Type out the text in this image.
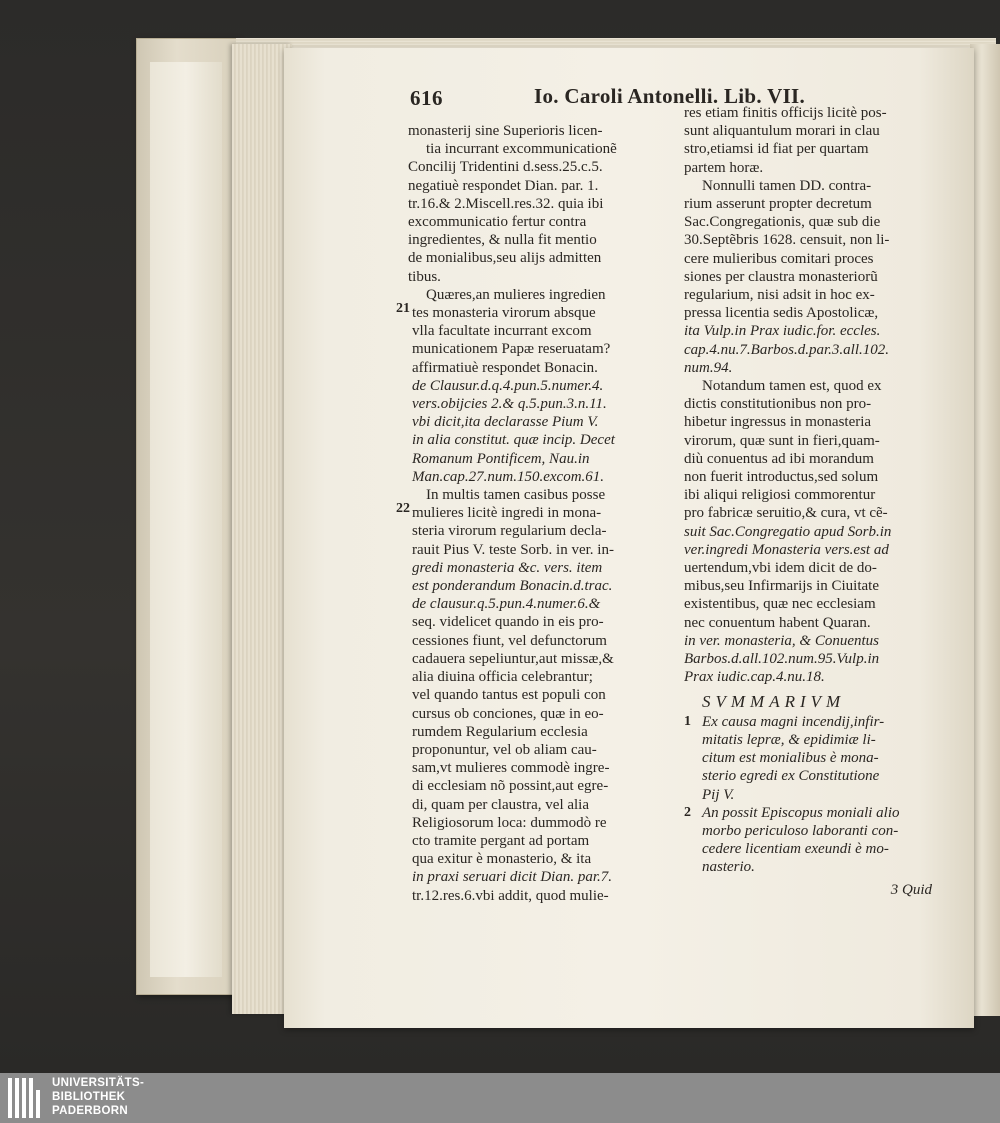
616	Io. Caroli Antonelli. Lib. VII.
monasterij sine Superioris licen-
tia incurrant excommunicationẽ
Concilij Tridentini d.sess.25.c.5.
negatiuè respondet Dian. par. 1.
tr.16.& 2.Miscell.res.32. quia ibi
excommunicatio fertur contra
ingredientes, & nulla fit mentio
de monialibus,seu alijs admitten
tibus.
Quæres,an mulieres ingredien
tes monasteria virorum absque
vlla facultate incurrant excom
municationem Papæ reseruatam?
affirmatiuè respondet Bonacin.
de Clausur.d.q.4.pun.5.numer.4.
vers.obijcies 2.& q.5.pun.3.n.11.
vbi dicit,ita declarasse Pium V.
in alia constitut. quæ incip. Decet
Romanum Pontificem, Nau.in
Man.cap.27.num.150.excom.61.
In multis tamen casibus posse
mulieres licitè ingredi in mona-
steria virorum regularium decla-
rauit Pius V. teste Sorb. in ver. in-
gredi monasteria &c. vers. item
est ponderandum Bonacin.d.trac.
de clausur.q.5.pun.4.numer.6.&
seq. videlicet quando in eis pro-
cessiones fiunt, vel defunctorum
cadauera sepeliuntur,aut missæ,&
alia diuina officia celebrantur;
vel quando tantus est populi con
cursus ob conciones, quæ in eo-
rumdem Regularium ecclesia
proponuntur, vel ob aliam cau-
sam,vt mulieres commodè ingre-
di ecclesiam nõ possint,aut egre-
di, quam per claustra, vel alia
Religiosorum loca: dummodò re
cto tramite pergant ad portam
qua exitur è monasterio, & ita
in praxi seruari dicit Dian. par.7.
tr.12.res.6.vbi addit, quod mulie-
21
22
res etiam finitis officijs licitè pos-
sunt aliquantulum morari in clau
stro,etiamsi id fiat per quartam
partem horæ.
Nonnulli tamen DD. contra-
rium asserunt propter decretum
Sac.Congregationis, quæ sub die
30.Septẽbris 1628. censuit, non li-
cere mulieribus comitari proces
siones per claustra monasteriorũ
regularium, nisi adsit in hoc ex-
pressa licentia sedis Apostolicæ,
ita Vulp.in Prax iudic.for. eccles.
cap.4.nu.7.Barbos.d.par.3.all.102.
num.94.
Notandum tamen est, quod ex
dictis constitutionibus non pro-
hibetur ingressus in monasteria
virorum, quæ sunt in fieri,quam-
diù conuentus ad ibi morandum
non fuerit introductus,sed solum
ibi aliqui religiosi commorentur
pro fabricæ seruitio,& cura, vt cẽ-
suit Sac.Congregatio apud Sorb.in
ver.ingredi Monasteria vers.est ad
uertendum,vbi idem dicit de do-
mibus,seu Infirmarijs in Ciuitate
existentibus, quæ nec ecclesiam
nec conuentum habent Quaran.
in ver. monasteria, & Conuentus
Barbos.d.all.102.num.95.Vulp.in
Prax iudic.cap.4.nu.18.
SVMMARIVM
1 Ex causa magni incendij,infir-
mitatis lepræ, & epidimiæ li-
citum est monialibus è mona-
sterio egredi ex Constitutione
Pij V.
2 An possit Episcopus moniali alio
morbo periculoso laboranti con-
cedere licentiam exeundi è mo-
nasterio.
3 Quid
UNIVERSITÄTS-
BIBLIOTHEK
PADERBORN
